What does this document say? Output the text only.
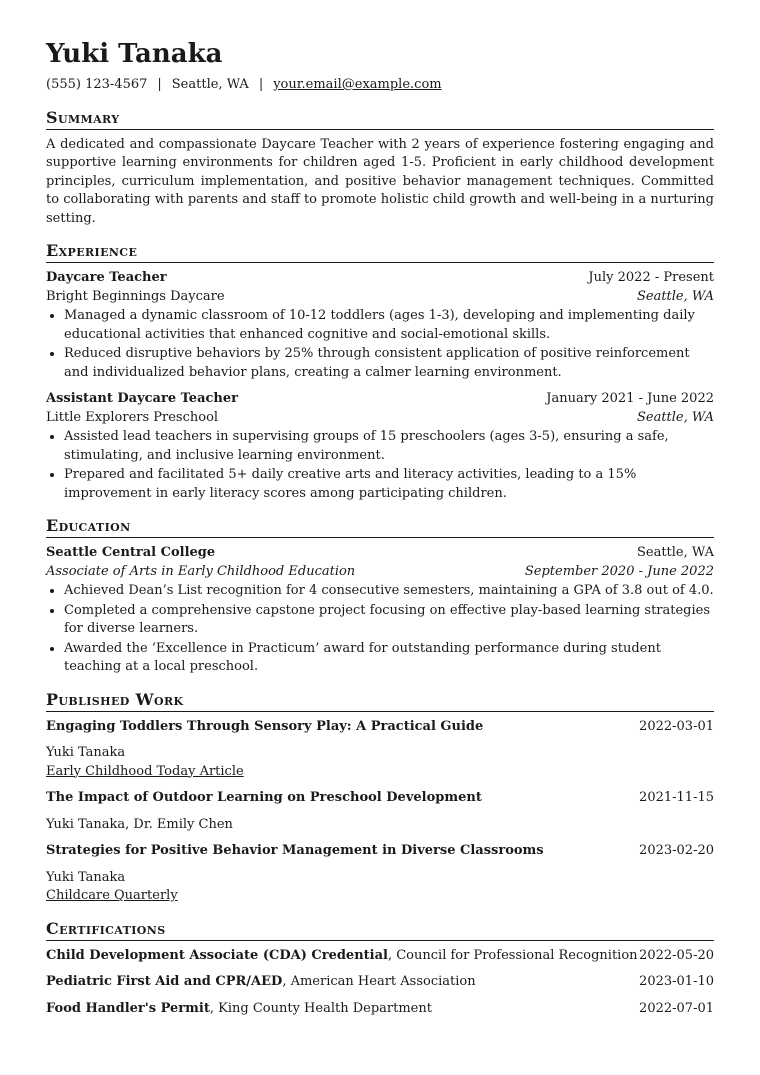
Yuki Tanaka
(555) 123-4567 | Seattle, WA | your.email@example.com
Summary
A dedicated and compassionate Daycare Teacher with 2 years of experience fostering engaging and supportive learning environments for children aged 1-5. Proficient in early childhood development principles, curriculum implementation, and positive behavior management techniques. Committed to collaborating with parents and staff to promote holistic child growth and well-being in a nurturing setting.
Experience
Daycare Teacher	July 2022 - Present
Bright Beginnings Daycare	Seattle, WA
• Managed a dynamic classroom of 10-12 toddlers (ages 1-3), developing and implementing daily educational activities that enhanced cognitive and social-emotional skills.
• Reduced disruptive behaviors by 25% through consistent application of positive reinforcement and individualized behavior plans, creating a calmer learning environment.
Assistant Daycare Teacher	January 2021 - June 2022
Little Explorers Preschool	Seattle, WA
• Assisted lead teachers in supervising groups of 15 preschoolers (ages 3-5), ensuring a safe, stimulating, and inclusive learning environment.
• Prepared and facilitated 5+ daily creative arts and literacy activities, leading to a 15% improvement in early literacy scores among participating children.
Education
Seattle Central College	Seattle, WA
Associate of Arts in Early Childhood Education	September 2020 - June 2022
• Achieved Dean’s List recognition for 4 consecutive semesters, maintaining a GPA of 3.8 out of 4.0.
• Completed a comprehensive capstone project focusing on effective play-based learning strategies for diverse learners.
• Awarded the ‘Excellence in Practicum’ award for outstanding performance during student teaching at a local preschool.
Published Work
Engaging Toddlers Through Sensory Play: A Practical Guide	2022-03-01
Yuki Tanaka
Early Childhood Today Article
The Impact of Outdoor Learning on Preschool Development	2021-11-15
Yuki Tanaka, Dr. Emily Chen
Strategies for Positive Behavior Management in Diverse Classrooms	2023-02-20
Yuki Tanaka
Childcare Quarterly
Certifications
Child Development Associate (CDA) Credential, Council for Professional Recognition 2022-05-20
Pediatric First Aid and CPR/AED, American Heart Association	2023-01-10
Food Handler's Permit, King County Health Department	2022-07-01
